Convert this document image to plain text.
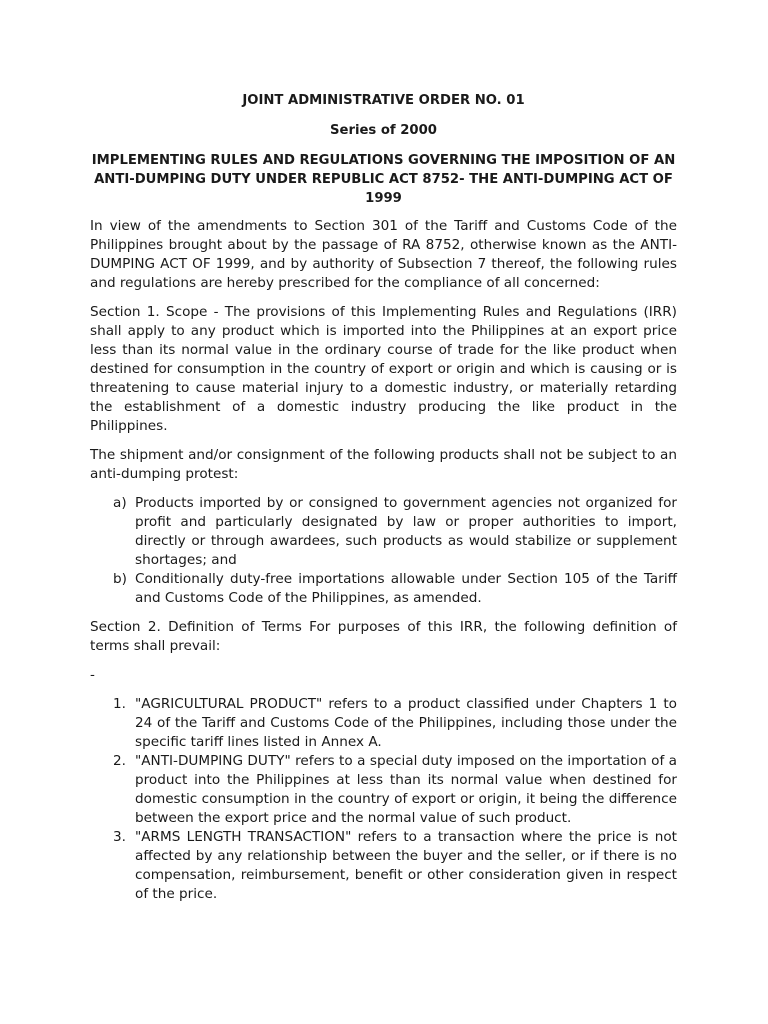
JOINT ADMINISTRATIVE ORDER NO. 01
Series of 2000
IMPLEMENTING RULES AND REGULATIONS GOVERNING THE IMPOSITION OF AN ANTI-DUMPING DUTY UNDER REPUBLIC ACT 8752- THE ANTI-DUMPING ACT OF 1999

In view of the amendments to Section 301 of the Tariff and Customs Code of the Philippines brought about by the passage of RA 8752, otherwise known as the ANTI-DUMPING ACT OF 1999, and by authority of Subsection 7 thereof, the following rules and regulations are hereby prescribed for the compliance of all concerned:

Section 1. Scope - The provisions of this Implementing Rules and Regulations (IRR) shall apply to any product which is imported into the Philippines at an export price less than its normal value in the ordinary course of trade for the like product when destined for consumption in the country of export or origin and which is causing or is threatening to cause material injury to a domestic industry, or materially retarding the establishment of a domestic industry producing the like product in the Philippines.

The shipment and/or consignment of the following products shall not be subject to an anti-dumping protest:

a) Products imported by or consigned to government agencies not organized for profit and particularly designated by law or proper authorities to import, directly or through awardees, such products as would stabilize or supplement shortages; and
b) Conditionally duty-free importations allowable under Section 105 of the Tariff and Customs Code of the Philippines, as amended.

Section 2. Definition of Terms For purposes of this IRR, the following definition of terms shall prevail:

-
1. "AGRICULTURAL PRODUCT" refers to a product classified under Chapters 1 to 24 of the Tariff and Customs Code of the Philippines, including those under the specific tariff lines listed in Annex A.
2. "ANTI-DUMPING DUTY" refers to a special duty imposed on the importation of a product into the Philippines at less than its normal value when destined for domestic consumption in the country of export or origin, it being the difference between the export price and the normal value of such product.
3. "ARMS LENGTH TRANSACTION" refers to a transaction where the price is not affected by any relationship between the buyer and the seller, or if there is no compensation, reimbursement, benefit or other consideration given in respect of the price.
